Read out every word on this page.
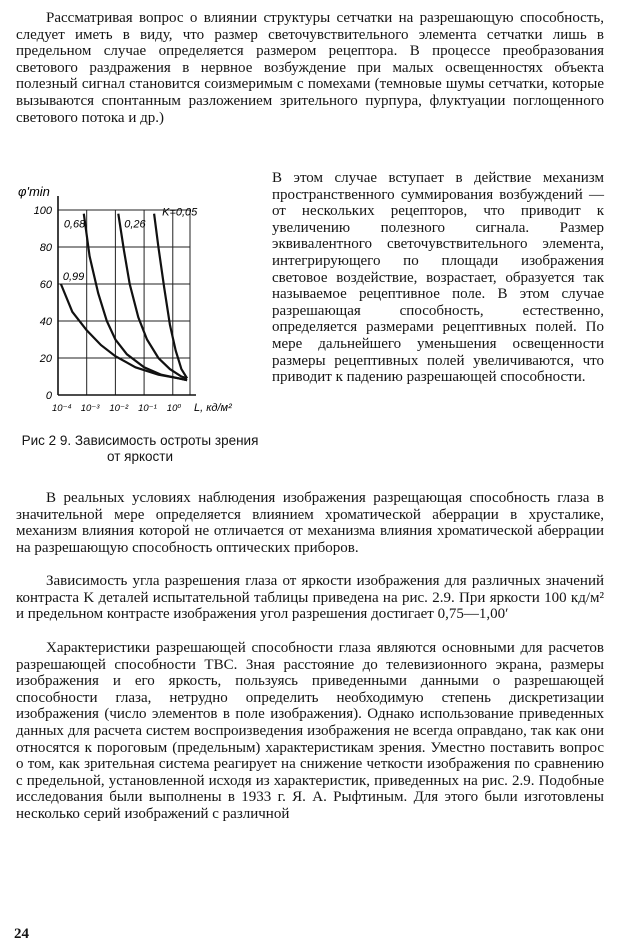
Рассматривая вопрос о влиянии структуры сетчатки на разрешающую способность, следует иметь в виду, что размер светочувствительного элемента сетчатки лишь в предельном случае определяется размером рецептора. В процессе преобразования светового раздражения в нервное возбуждение при малых освещенностях объекта полезный сигнал становится соизмеримым с помехами (темновые шумы сетчатки, которые вызываются спонтанным разложением зрительного пурпура, флуктуации поглощенного светового потока и др.)

0
20
40
60
80
100
10⁻⁴ 10⁻³ 10⁻² 10⁻¹ 10⁰
φ'min
L, кд/м²
K=0,05
0,26
0,68
0,99

В этом случае вступает в действие механизм пространственного суммирования возбуждений — от нескольких рецепторов, что приводит к увеличению полезного сигнала. Размер эквивалентного светочувствительного элемента, интегрирующего по площади изображения световое воздействие, возрастает, образуется так называемое рецептивное поле. В этом случае разрешающая способность, естественно, определяется размерами рецептивных полей. По мере дальнейшего уменьшения освещенности размеры рецептивных полей увеличиваются, что приводит к падению разрешающей способности.

Рис 2 9. Зависимость остроты зрения от яркости

В реальных условиях наблюдения изображения разрещающая способность глаза в значительной мере определяется влиянием хроматической аберрации в хрусталике, механизм влияния которой не отличается от механизма влияния хроматической аберрации на разрешающую способность оптических приборов.

Зависимость угла разрешения глаза от яркости изображения для различных значений контраста K деталей испытательной таблицы приведена на рис. 2.9. При яркости 100 кд/м² и предельном контрасте изображения угол разрешения достигает 0,75—1,00′

Характеристики разрешающей способности глаза являются основными для расчетов разрешающей способности ТВС. Зная расстояние до телевизионного экрана, размеры изображения и его яркость, пользуясь приведенными данными о разрешающей способности глаза, нетрудно определить необходимую степень дискретизации изображения (число элементов в поле изображения). Однако использование приведенных данных для расчета систем воспроизведения изображения не всегда оправдано, так как они относятся к пороговым (предельным) характеристикам зрения. Уместно поставить вопрос о том, как зрительная система реагирует на снижение четкости изображения по сравнению с предельной, установленной исходя из характеристик, приведенных на рис. 2.9. Подобные исследования были выполнены в 1933 г. Я. А. Рыфтиным. Для этого были изготовлены несколько серий изображений с различной

24
